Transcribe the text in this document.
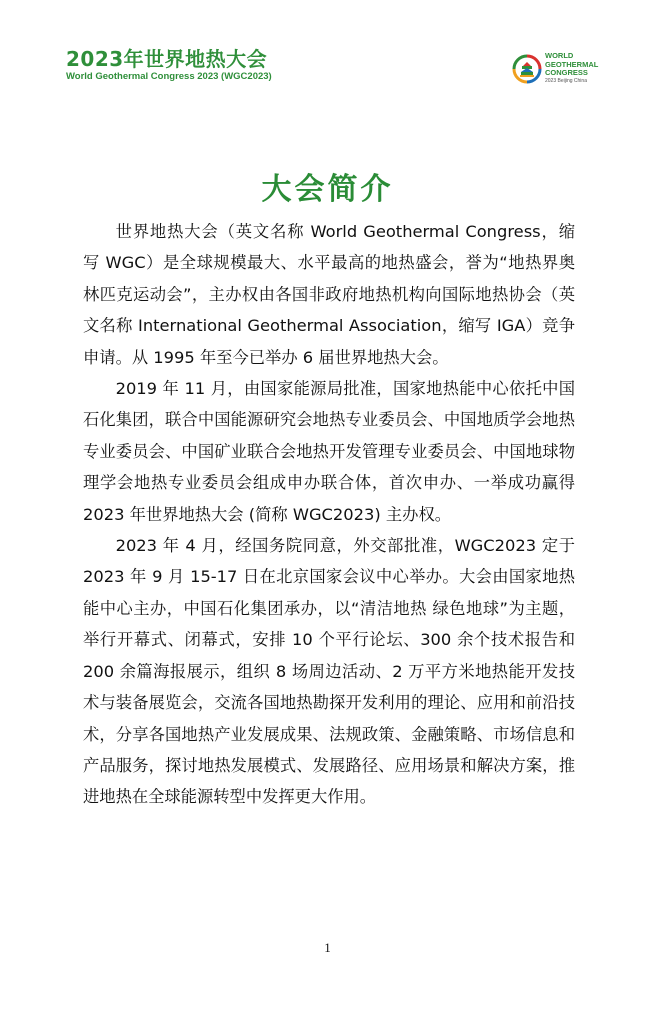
2023年世界地热大会
World Geothermal Congress 2023 (WGC2023)
WORLD
GEOTHERMAL
CONGRESS
2023 Beijing China
大会简介

世界地热大会（英文名称 World Geothermal Congress，缩写 WGC）是全球规模最大、水平最高的地热盛会，誉为“地热界奥林匹克运动会”，主办权由各国非政府地热机构向国际地热协会（英文名称 International Geothermal Association，缩写 IGA）竞争申请。从 1995 年至今已举办 6 届世界地热大会。

2019 年 11 月，由国家能源局批准，国家地热能中心依托中国石化集团，联合中国能源研究会地热专业委员会、中国地质学会地热专业委员会、中国矿业联合会地热开发管理专业委员会、中国地球物理学会地热专业委员会组成申办联合体，首次申办、一举成功赢得 2023 年世界地热大会 (简称 WGC2023) 主办权。

2023 年 4 月，经国务院同意，外交部批准，WGC2023 定于 2023 年 9 月 15-17 日在北京国家会议中心举办。大会由国家地热能中心主办，中国石化集团承办，以“清洁地热 绿色地球”为主题，举行开幕式、闭幕式，安排 10 个平行论坛、300 余个技术报告和 200 余篇海报展示，组织 8 场周边活动、2 万平方米地热能开发技术与装备展览会，交流各国地热勘探开发利用的理论、应用和前沿技术，分享各国地热产业发展成果、法规政策、金融策略、市场信息和产品服务，探讨地热发展模式、发展路径、应用场景和解决方案，推进地热在全球能源转型中发挥更大作用。

1
